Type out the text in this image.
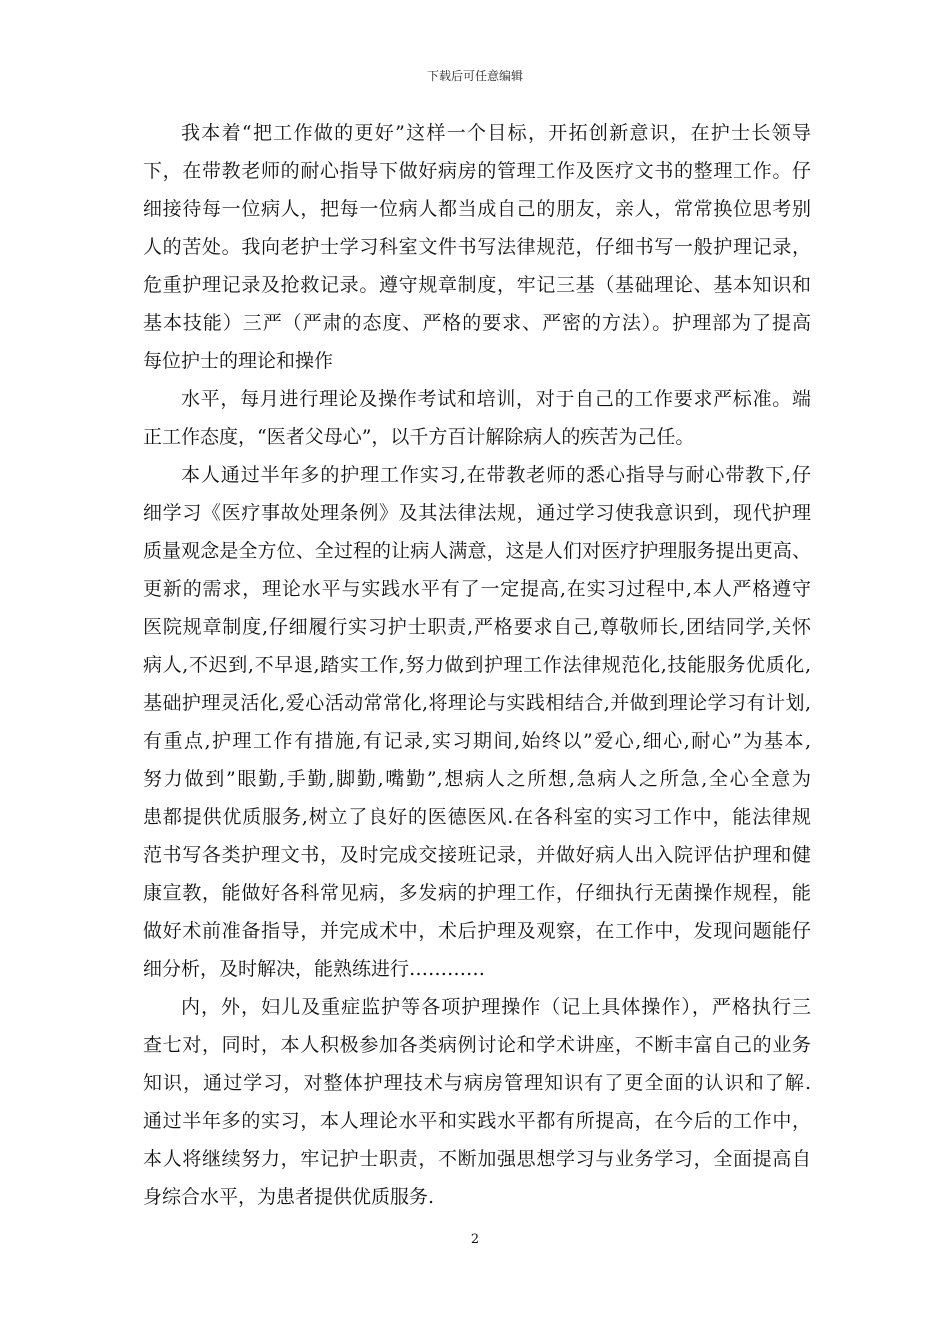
下载后可任意编辑
我本着“把工作做的更好”这样一个目标，开拓创新意识，在护士长领导
下，在带教老师的耐心指导下做好病房的管理工作及医疗文书的整理工作。仔
细接待每一位病人，把每一位病人都当成自己的朋友，亲人，常常换位思考别
人的苦处。我向老护士学习科室文件书写法律规范，仔细书写一般护理记录，
危重护理记录及抢救记录。遵守规章制度，牢记三基（基础理论、基本知识和
基本技能）三严（严肃的态度、严格的要求、严密的方法）。护理部为了提高
每位护士的理论和操作
水平，每月进行理论及操作考试和培训，对于自己的工作要求严标准。端
正工作态度，“医者父母心”，以千方百计解除病人的疾苦为己任。
本人通过半年多的护理工作实习,在带教老师的悉心指导与耐心带教下,仔
细学习《医疗事故处理条例》及其法律法规，通过学习使我意识到，现代护理
质量观念是全方位、全过程的让病人满意，这是人们对医疗护理服务提出更高、
更新的需求，理论水平与实践水平有了一定提高,在实习过程中,本人严格遵守
医院规章制度,仔细履行实习护士职责,严格要求自己,尊敬师长,团结同学,关怀
病人,不迟到,不早退,踏实工作,努力做到护理工作法律规范化,技能服务优质化,
基础护理灵活化,爱心活动常常化,将理论与实践相结合,并做到理论学习有计划,
有重点,护理工作有措施,有记录,实习期间,始终以”爱心,细心,耐心”为基本,
努力做到”眼勤,手勤,脚勤,嘴勤”,想病人之所想,急病人之所急,全心全意为
患都提供优质服务,树立了良好的医德医风.在各科室的实习工作中，能法律规
范书写各类护理文书，及时完成交接班记录，并做好病人出入院评估护理和健
康宣教，能做好各科常见病，多发病的护理工作，仔细执行无菌操作规程，能
做好术前准备指导，并完成术中，术后护理及观察，在工作中，发现问题能仔
细分析，及时解决，能熟练进行…………
内，外，妇儿及重症监护等各项护理操作（记上具体操作），严格执行三
查七对，同时，本人积极参加各类病例讨论和学术讲座，不断丰富自己的业务
知识，通过学习，对整体护理技术与病房管理知识有了更全面的认识和了解.
通过半年多的实习，本人理论水平和实践水平都有所提高，在今后的工作中，
本人将继续努力，牢记护士职责，不断加强思想学习与业务学习，全面提高自
身综合水平，为患者提供优质服务.
2
